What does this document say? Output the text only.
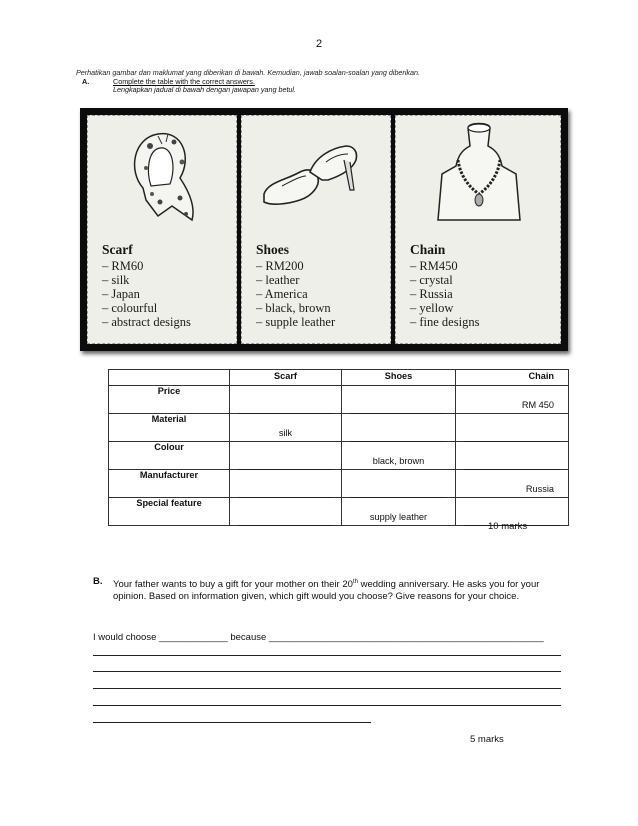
2
Perhatikan gambar dan maklumat yang diberikan di bawah. Kemudian, jawab soalan-soalan yang diberikan.
A.	Complete the table with the correct answers.
Lengkapkan jadual di bawah dengan jawapan yang betul.
Scarf
– RM60
– silk
– Japan
– colourful
– abstract designs
Shoes
– RM200
– leather
– America
– black, brown
– supple leather
Chain
– RM450
– crystal
– Russia
– yellow
– fine designs
	Scarf	Shoes	Chain
Price			RM 450

Material	silk		

Colour		black, brown	

Manufacturer			Russia

Special feature		supply leather	

10 marks
B. Your father wants to buy a gift for your mother on their 20th wedding anniversary. He asks you for your opinion. Based on information given, which gift would you choose? Give reasons for your choice.
I would choose _____________ because ____________________________________________________
5 marks
